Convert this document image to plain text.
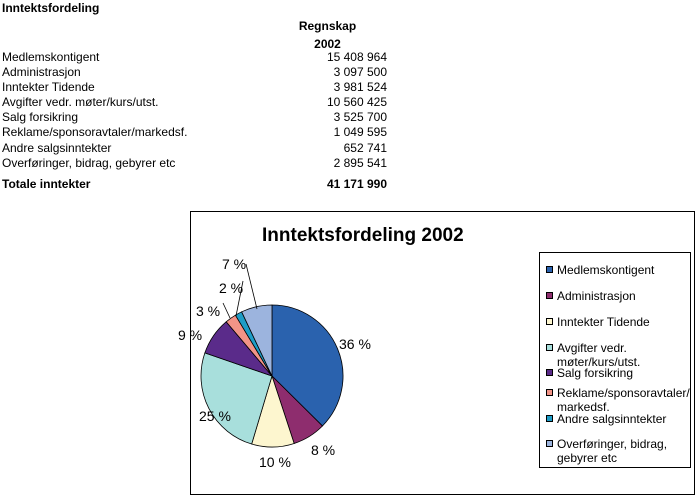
Inntektsfordeling
Regnskap
2002
Medlemskontigent	15 408 964
Administrasjon	3 097 500
Inntekter Tidende	3 981 524
Avgifter vedr. møter/kurs/utst.	10 560 425
Salg forsikring	3 525 700
Reklame/sponsoravtaler/markedsf.	1 049 595
Andre salgsinntekter	652 741
Overføringer, bidrag, gebyrer etc	2 895 541
Totale inntekter	41 171 990
Inntektsfordeling 2002
36 %
8 %
10 %
25 %
9 %
3 %
2 %
7 %	Medlemskontigent
Administrasjon
Inntekter Tidende
Avgifter vedr. møter/kurs/utst.
Salg forsikring
Reklame/sponsoravtaler/ markedsf.
Andre salgsinntekter
Overføringer, bidrag, gebyrer etc
